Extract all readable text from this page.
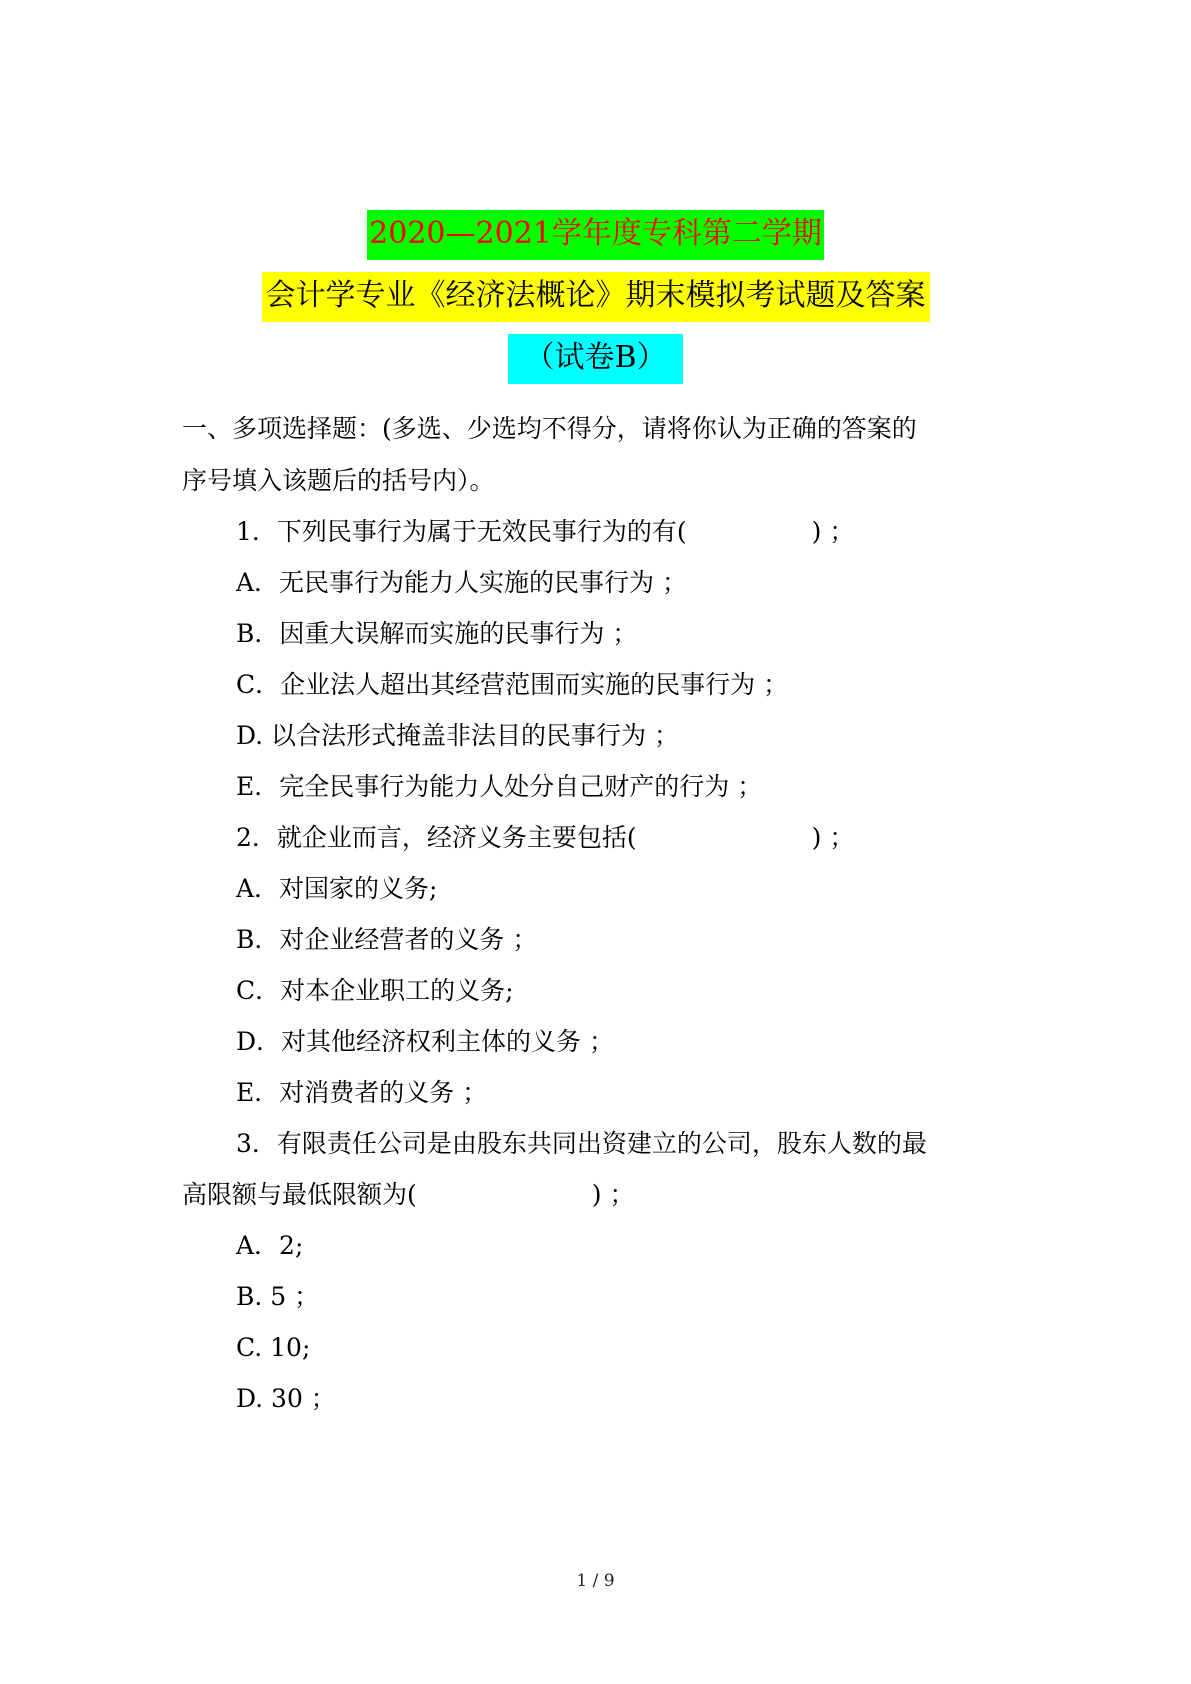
2020—2021学年度专科第二学期
会计学专业《经济法概论》期末模拟考试题及答案
（试卷B）
一、多项选择题：(多选、少选均不得分，请将你认为正确的答案的
序号填入该题后的括号内）。
1．下列民事行为属于无效民事行为的有(　　　　　) ；
A．无民事行为能力人实施的民事行为 ；
B．因重大误解而实施的民事行为 ；
C．企业法人超出其经营范围而实施的民事行为 ；
D. 以合法形式掩盖非法目的民事行为 ；
E．完全民事行为能力人处分自己财产的行为 ；
2．就企业而言，经济义务主要包括(　　　　　　　) ；
A．对国家的义务;
B．对企业经营者的义务 ；
C．对本企业职工的义务;
D．对其他经济权利主体的义务 ；
E．对消费者的义务 ；
3．有限责任公司是由股东共同出资建立的公司，股东人数的最
高限额与最低限额为(　　　　　　　) ；
A．2;
B. 5 ；
C. 10;
D. 30 ；
1 / 9
